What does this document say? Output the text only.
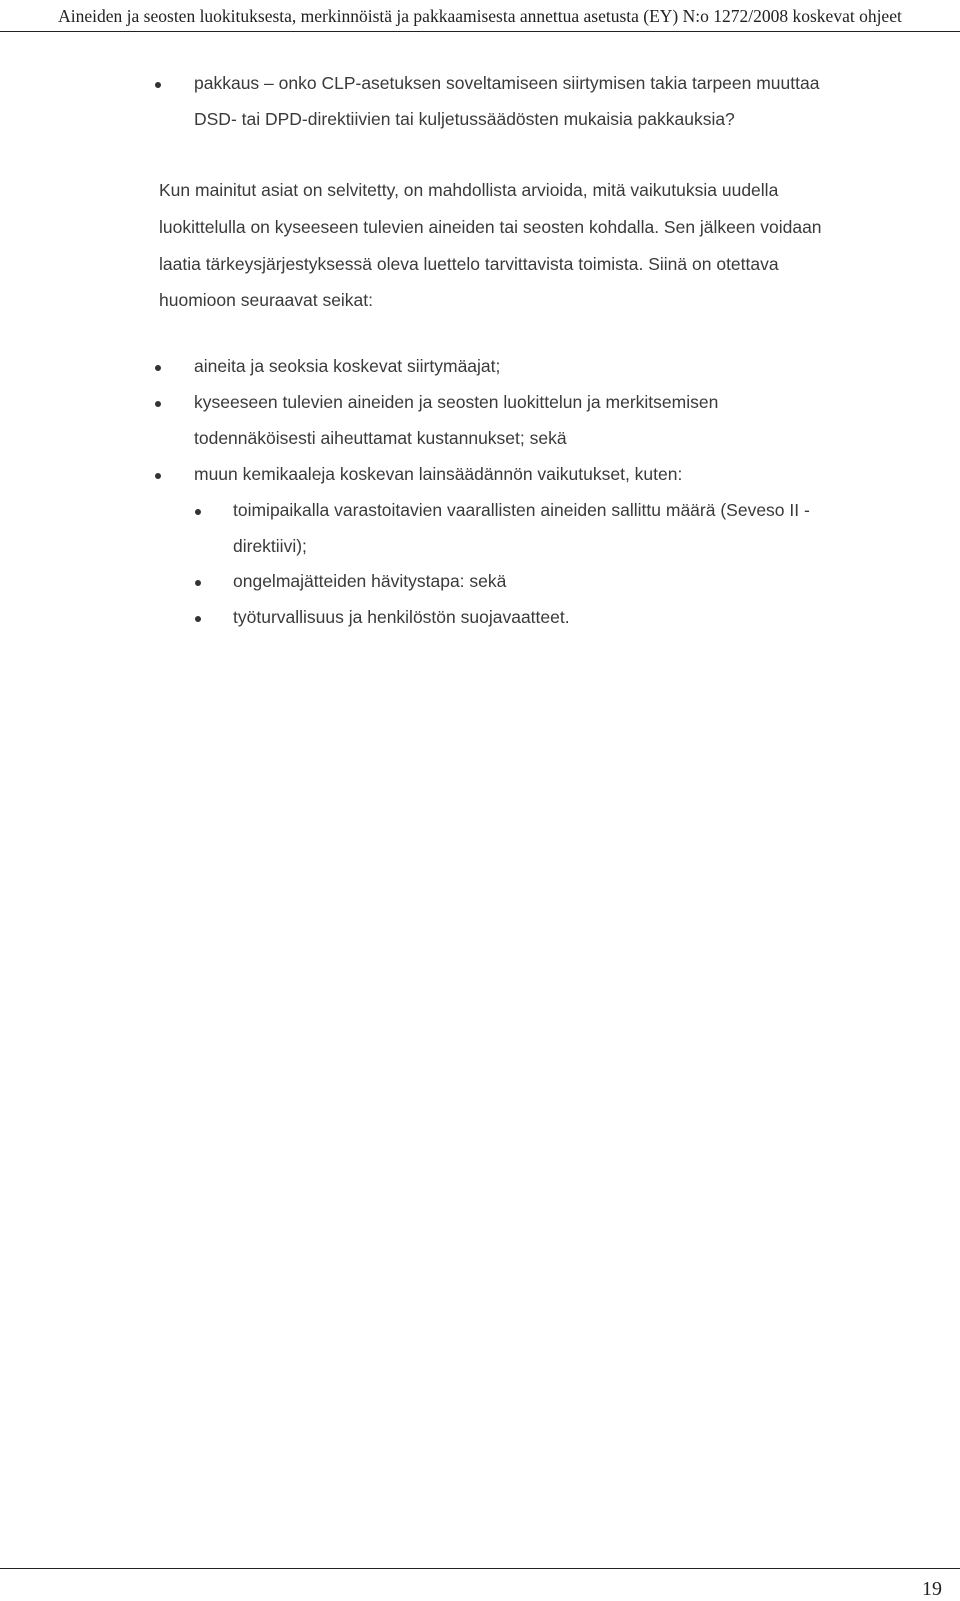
Aineiden ja seosten luokituksesta, merkinnöistä ja pakkaamisesta annettua asetusta (EY) N:o 1272/2008 koskevat ohjeet
pakkaus – onko CLP-asetuksen soveltamiseen siirtymisen takia tarpeen muuttaa
DSD- tai DPD-direktiivien tai kuljetussäädösten mukaisia pakkauksia?
Kun mainitut asiat on selvitetty, on mahdollista arvioida, mitä vaikutuksia uudella
luokittelulla on kyseeseen tulevien aineiden tai seosten kohdalla. Sen jälkeen voidaan
laatia tärkeysjärjestyksessä oleva luettelo tarvittavista toimista. Siinä on otettava
huomioon seuraavat seikat:
aineita ja seoksia koskevat siirtymäajat;
kyseeseen tulevien aineiden ja seosten luokittelun ja merkitsemisen
todennäköisesti aiheuttamat kustannukset; sekä
muun kemikaaleja koskevan lainsäädännön vaikutukset, kuten:
toimipaikalla varastoitavien vaarallisten aineiden sallittu määrä (Seveso II -
direktiivi);
ongelmajätteiden hävitystapa: sekä
työturvallisuus ja henkilöstön suojavaatteet.
19
